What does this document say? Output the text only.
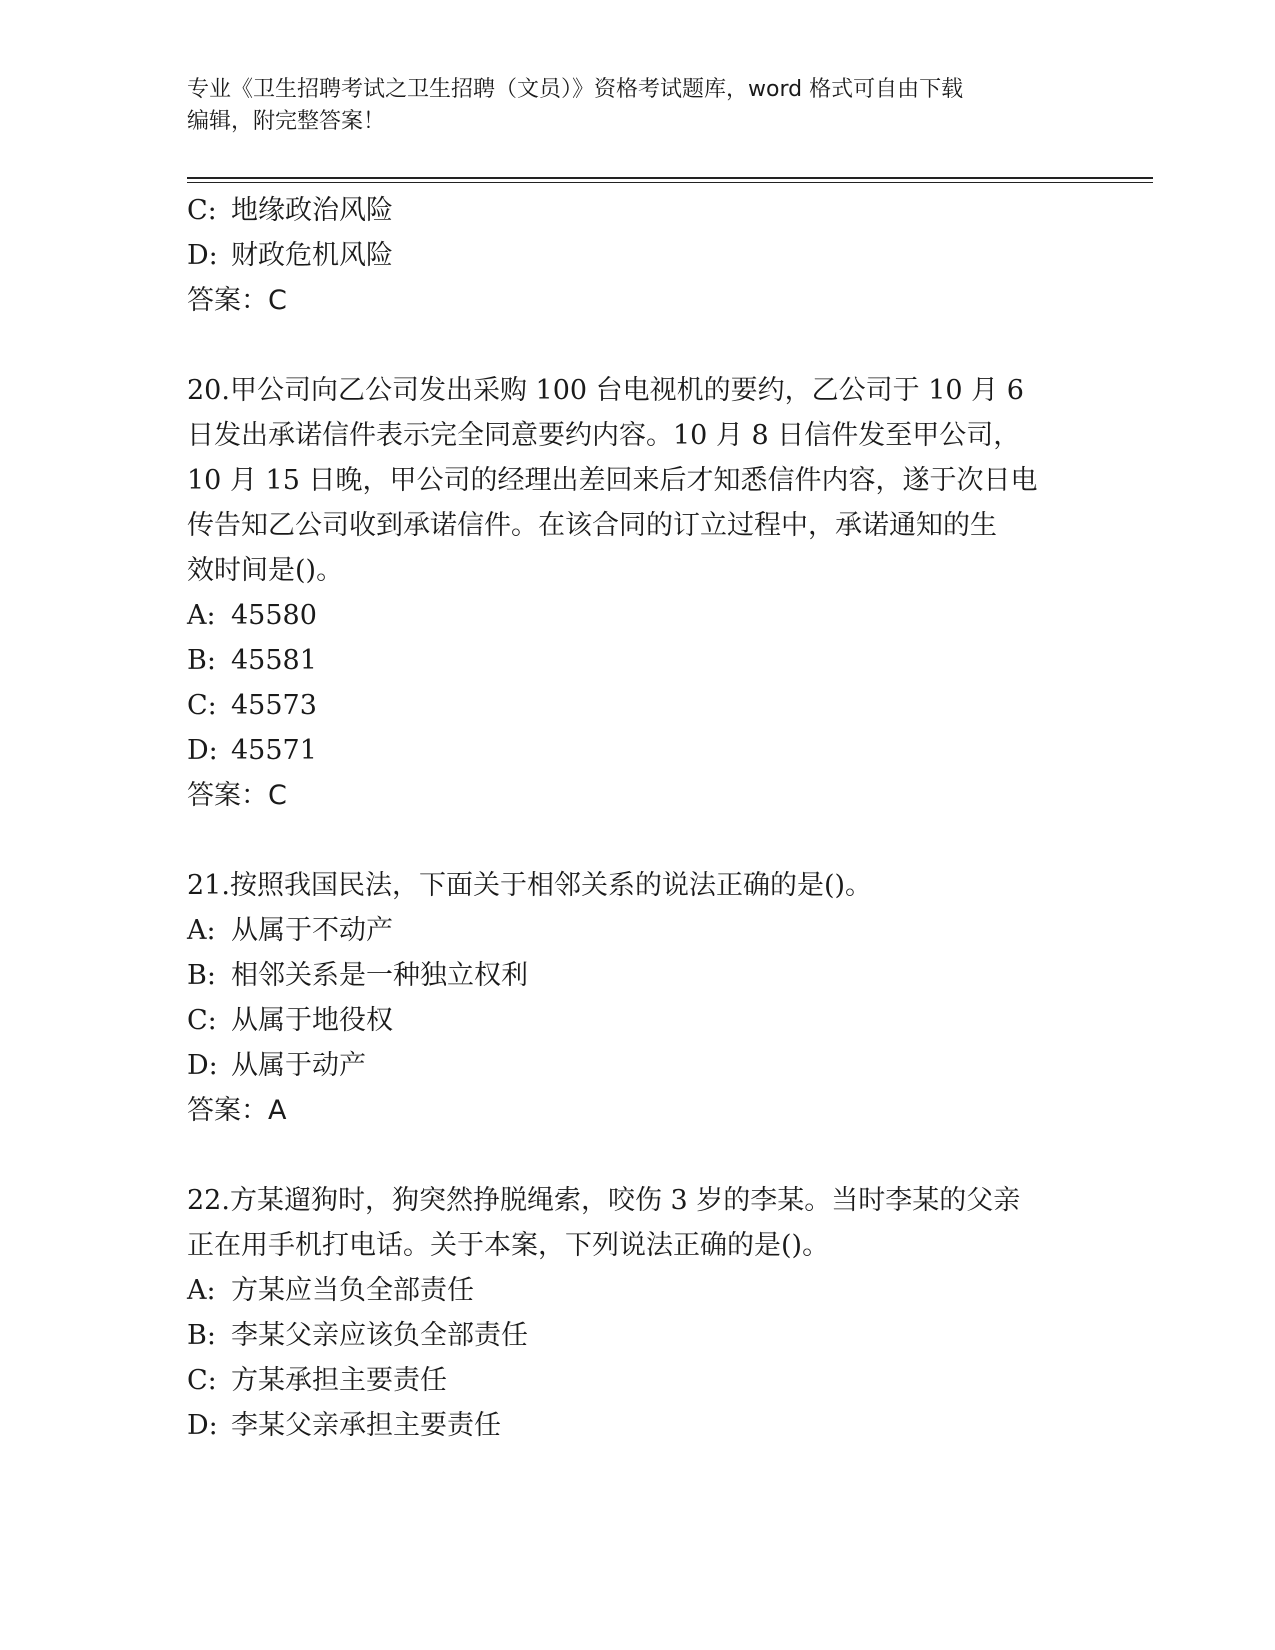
专业《卫生招聘考试之卫生招聘（文员）》资格考试题库，word 格式可自由下载
编辑，附完整答案！
C: 地缘政治风险
D: 财政危机风险
答案：C
20.甲公司向乙公司发出采购 100 台电视机的要约，乙公司于 10 月 6
日发出承诺信件表示完全同意要约内容。10 月 8 日信件发至甲公司，
10 月 15 日晚，甲公司的经理出差回来后才知悉信件内容，遂于次日电
传告知乙公司收到承诺信件。在该合同的订立过程中，承诺通知的生
效时间是()。
A: 45580
B: 45581
C: 45573
D: 45571
答案：C
21.按照我国民法，下面关于相邻关系的说法正确的是()。
A: 从属于不动产
B: 相邻关系是一种独立权利
C: 从属于地役权
D: 从属于动产
答案：A
22.方某遛狗时，狗突然挣脱绳索，咬伤 3 岁的李某。当时李某的父亲
正在用手机打电话。关于本案，下列说法正确的是()。
A: 方某应当负全部责任
B: 李某父亲应该负全部责任
C: 方某承担主要责任
D: 李某父亲承担主要责任
